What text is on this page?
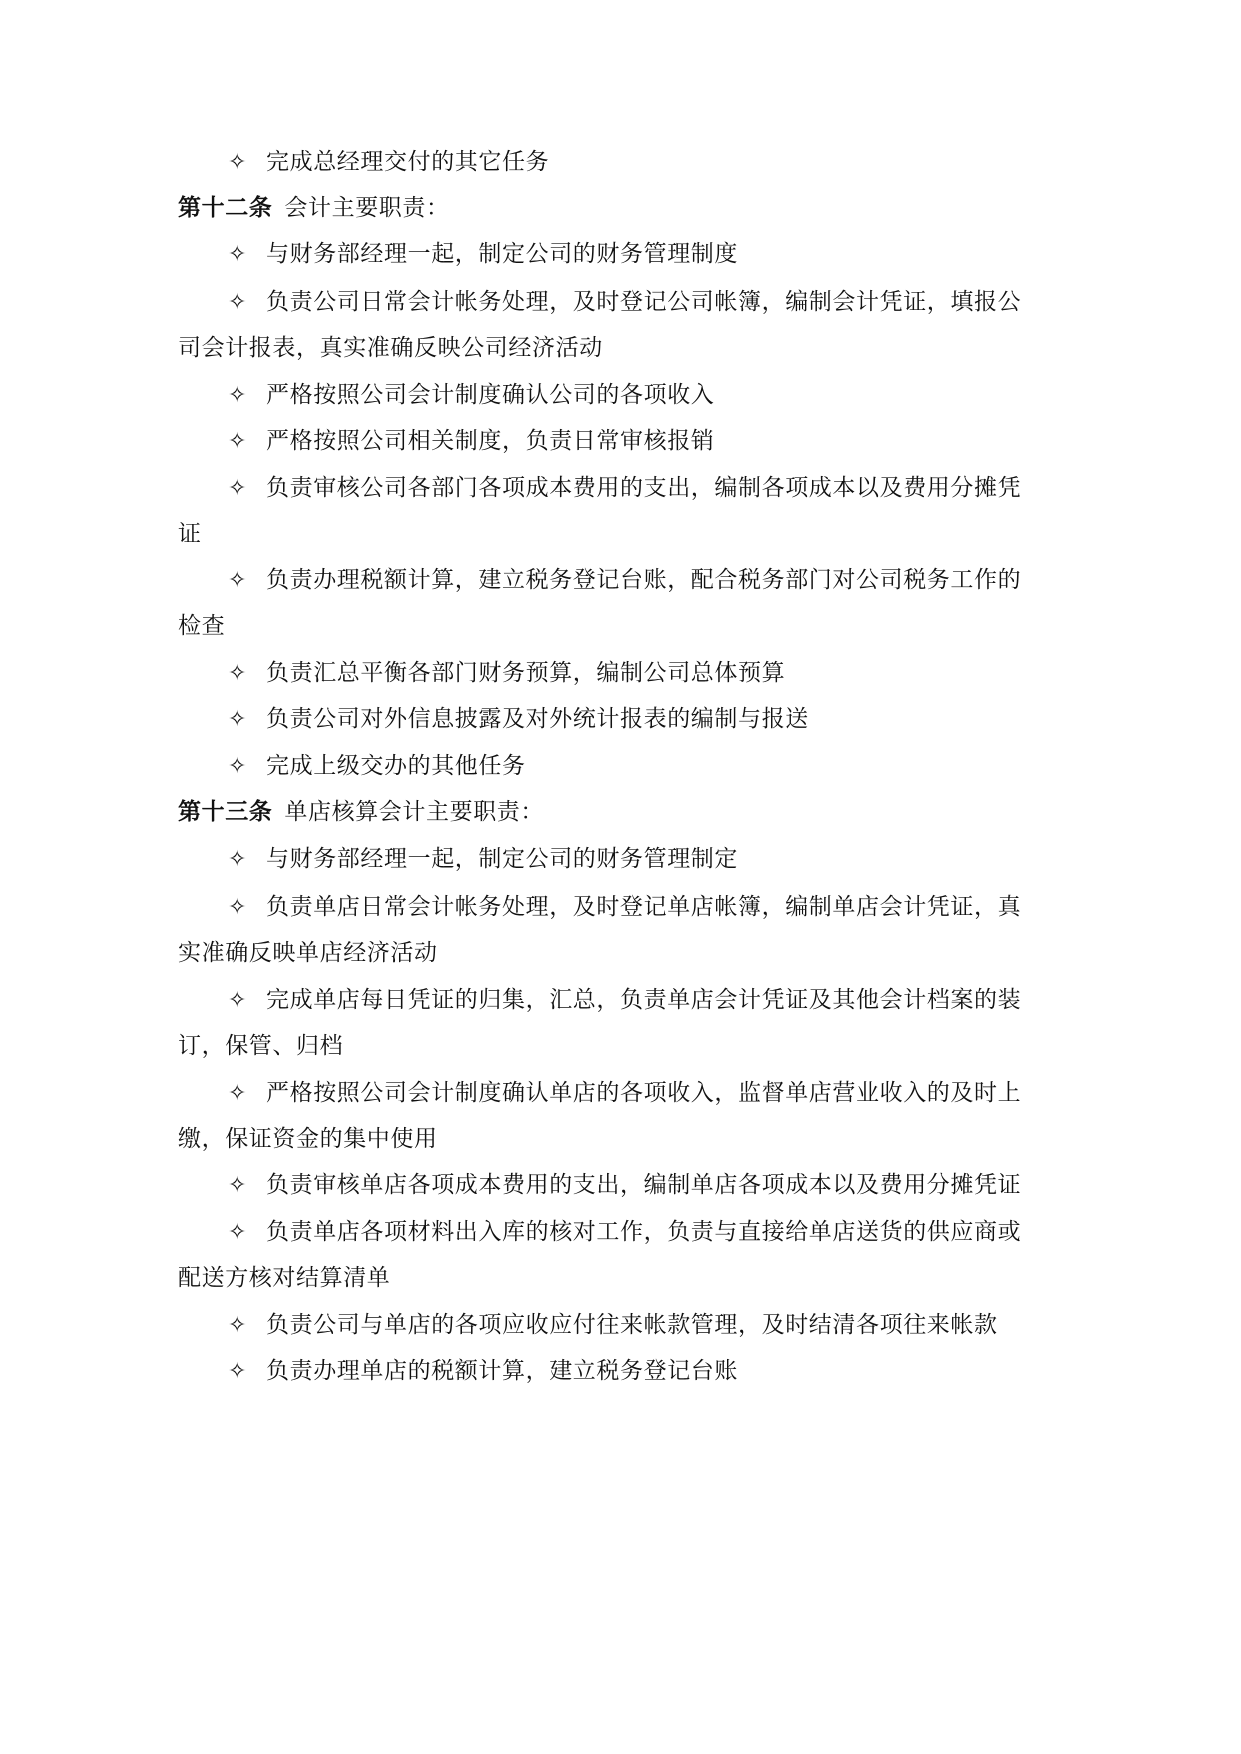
✧ 完成总经理交付的其它任务
第十二条 会计主要职责：
✧ 与财务部经理一起，制定公司的财务管理制度
✧ 负责公司日常会计帐务处理，及时登记公司帐簿，编制会计凭证，填报公
司会计报表，真实准确反映公司经济活动
✧ 严格按照公司会计制度确认公司的各项收入
✧ 严格按照公司相关制度，负责日常审核报销
✧ 负责审核公司各部门各项成本费用的支出，编制各项成本以及费用分摊凭
证
✧ 负责办理税额计算，建立税务登记台账，配合税务部门对公司税务工作的
检查
✧ 负责汇总平衡各部门财务预算，编制公司总体预算
✧ 负责公司对外信息披露及对外统计报表的编制与报送
✧ 完成上级交办的其他任务
第十三条 单店核算会计主要职责：
✧ 与财务部经理一起，制定公司的财务管理制定
✧ 负责单店日常会计帐务处理，及时登记单店帐簿，编制单店会计凭证，真
实准确反映单店经济活动
✧ 完成单店每日凭证的归集，汇总，负责单店会计凭证及其他会计档案的装
订，保管、归档
✧ 严格按照公司会计制度确认单店的各项收入，监督单店营业收入的及时上
缴，保证资金的集中使用
✧ 负责审核单店各项成本费用的支出，编制单店各项成本以及费用分摊凭证
✧ 负责单店各项材料出入库的核对工作，负责与直接给单店送货的供应商或
配送方核对结算清单
✧ 负责公司与单店的各项应收应付往来帐款管理，及时结清各项往来帐款
✧ 负责办理单店的税额计算，建立税务登记台账
